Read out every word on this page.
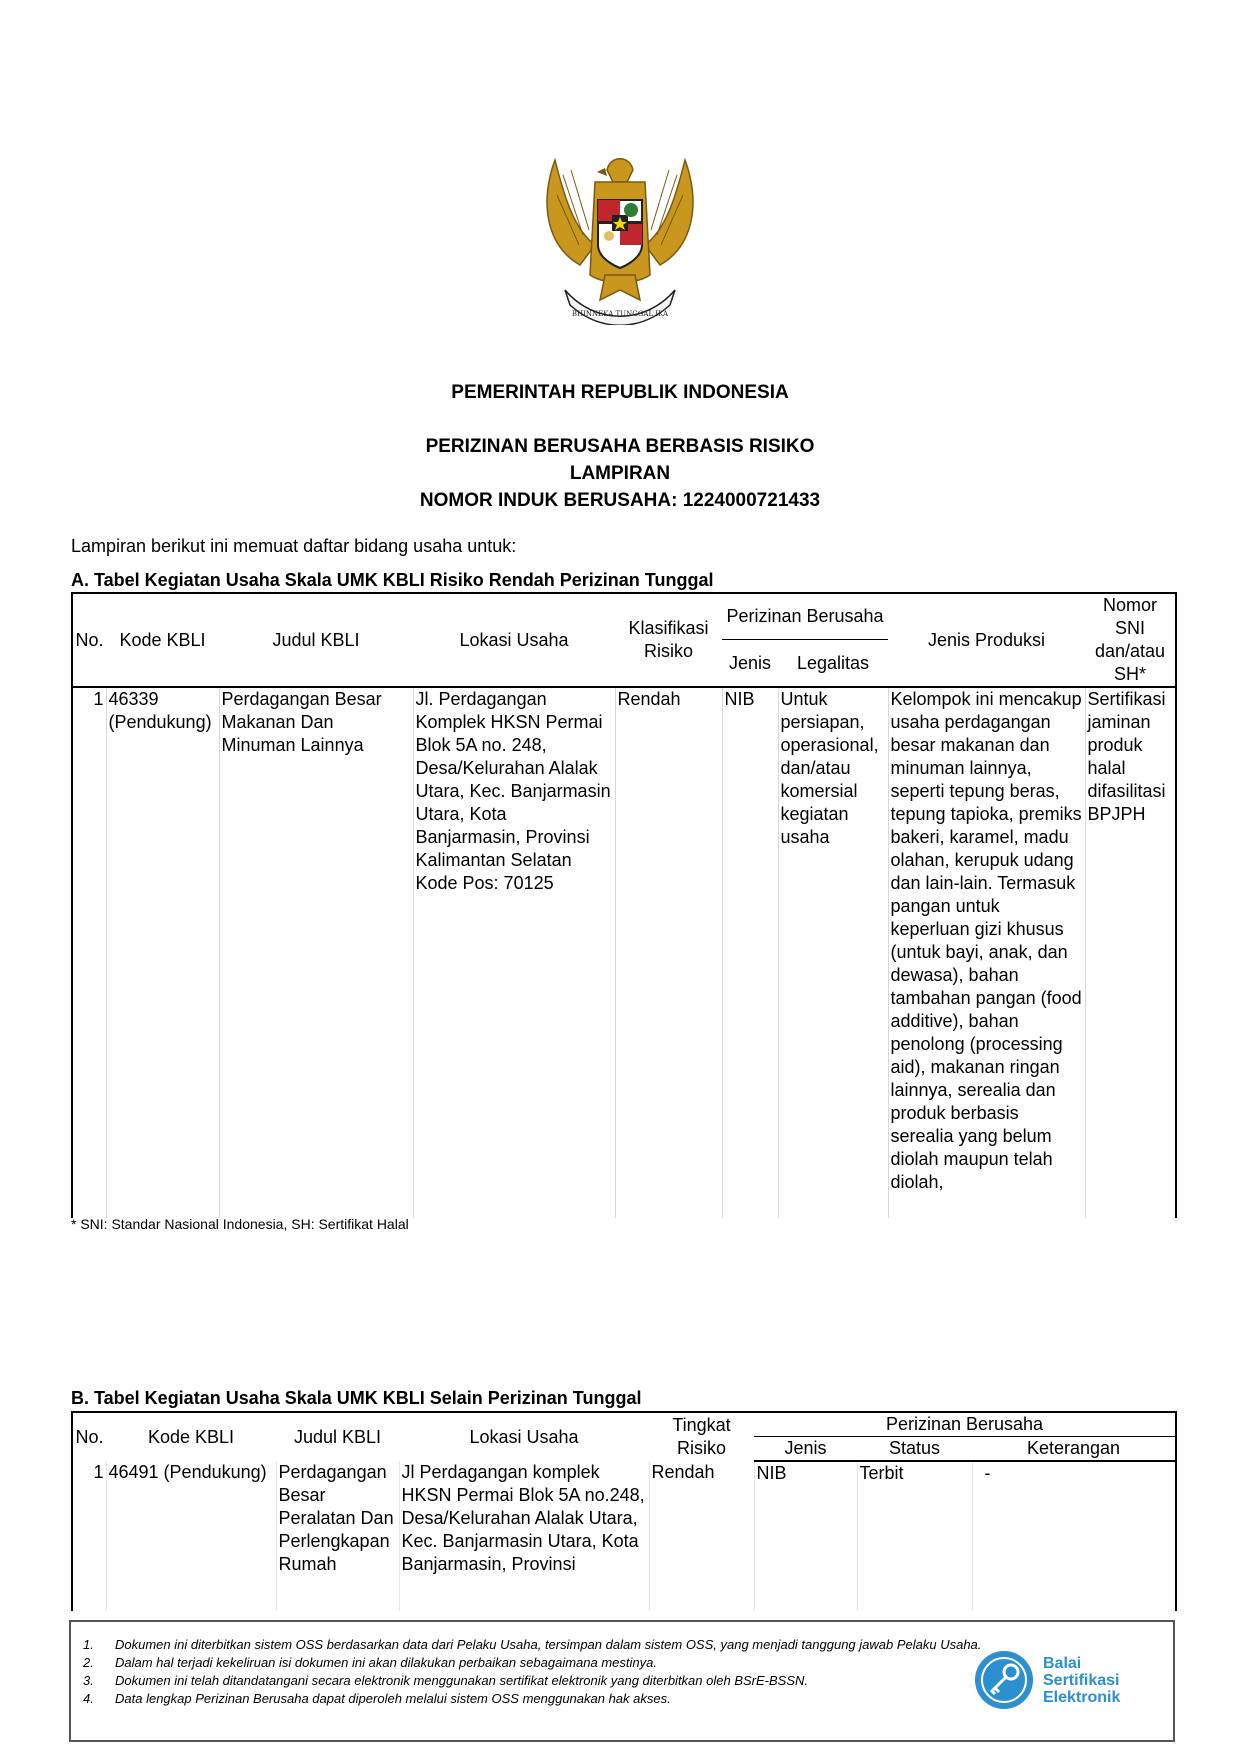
BHINNEKA TUNGGAL IKA
PEMERINTAH REPUBLIK INDONESIA
PERIZINAN BERUSAHA BERBASIS RISIKO
LAMPIRAN
NOMOR INDUK BERUSAHA: 1224000721433
Lampiran berikut ini memuat daftar bidang usaha untuk:
A. Tabel Kegiatan Usaha Skala UMK KBLI Risiko Rendah Perizinan Tunggal
No.	Kode KBLI	Judul KBLI	Lokasi Usaha	Klasifikasi Risiko	Perizinan Berusaha		Jenis Produksi	Nomor SNI dan/atau SH*
					Jenis	Legalitas		
1	46339 (Pendukung)	Perdagangan Besar Makanan Dan Minuman Lainnya	Jl. Perdagangan Komplek HKSN Permai Blok 5A no. 248, Desa/Kelurahan Alalak Utara, Kec. Banjarmasin Utara, Kota Banjarmasin, Provinsi Kalimantan Selatan
Kode Pos: 70125	Rendah	NIB	Untuk persiapan, operasional, dan/atau komersial kegiatan usaha	Kelompok ini mencakup usaha perdagangan besar makanan dan minuman lainnya, seperti tepung beras, tepung tapioka, premiks bakeri, karamel, madu olahan, kerupuk udang dan lain-lain. Termasuk pangan untuk keperluan gizi khusus (untuk bayi, anak, dan dewasa), bahan tambahan pangan (food additive), bahan penolong (processing aid), makanan ringan lainnya, serealia dan produk berbasis serealia yang belum diolah maupun telah diolah,	Sertifikasi jaminan produk halal difasilitasi BPJPH
* SNI: Standar Nasional Indonesia, SH: Sertifikat Halal
B. Tabel Kegiatan Usaha Skala UMK KBLI Selain Perizinan Tunggal
No.	Kode KBLI	Judul KBLI	Lokasi Usaha	Tingkat Risiko	Perizinan Berusaha		
					Jenis	Status	Keterangan
1	46491 (Pendukung)	Perdagangan Besar Peralatan Dan Perlengkapan Rumah	Jl Perdagangan komplek HKSN Permai Blok 5A no.248, Desa/Kelurahan Alalak Utara, Kec. Banjarmasin Utara, Kota Banjarmasin, Provinsi	Rendah	NIB	Terbit	-
1. Dokumen ini diterbitkan sistem OSS berdasarkan data dari Pelaku Usaha, tersimpan dalam sistem OSS, yang menjadi tanggung jawab Pelaku Usaha.
2. Dalam hal terjadi kekeliruan isi dokumen ini akan dilakukan perbaikan sebagaimana mestinya.
3. Dokumen ini telah ditandatangani secara elektronik menggunakan sertifikat elektronik yang diterbitkan oleh BSrE-BSSN.
4. Data lengkap Perizinan Berusaha dapat diperoleh melalui sistem OSS menggunakan hak akses.
Balai
Sertifikasi
Elektronik
